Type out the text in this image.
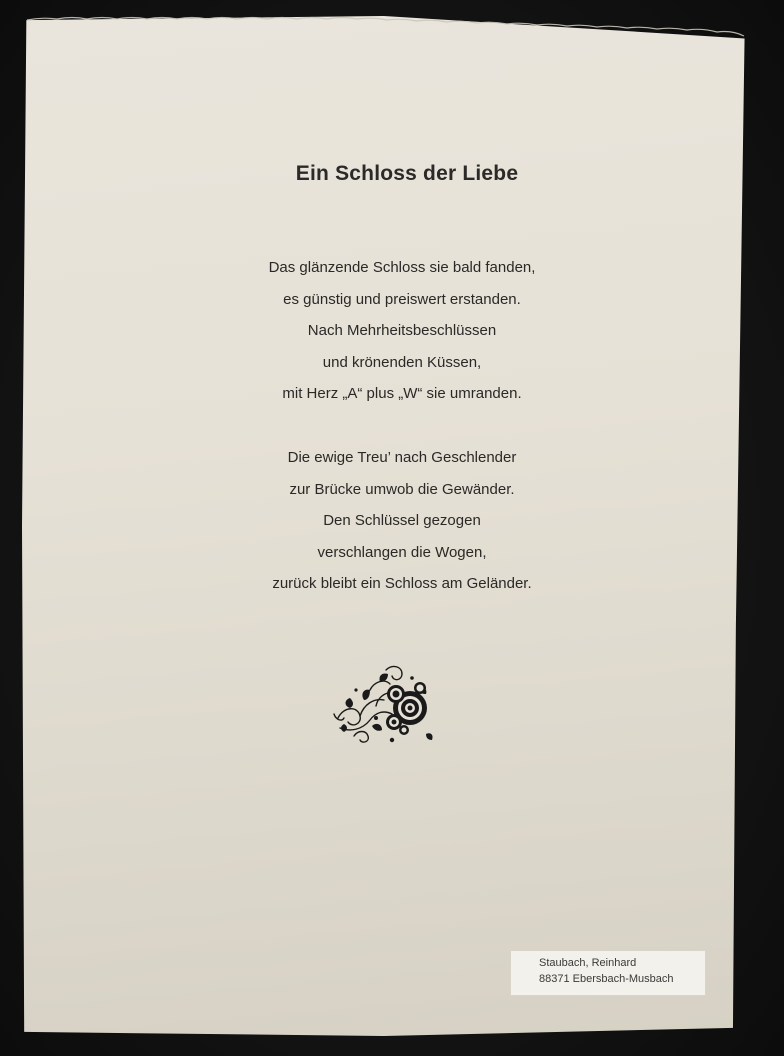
Ein Schloss der Liebe
Das glänzende Schloss sie bald fanden,
es günstig und preiswert erstanden.
Nach Mehrheitsbeschlüssen
und krönenden Küssen,
mit Herz „A“ plus „W“ sie umranden.
Die ewige Treu’ nach Geschlender
zur Brücke umwob die Gewänder.
Den Schlüssel gezogen
verschlangen die Wogen,
zurück bleibt ein Schloss am Geländer.
Staubach, Reinhard
88371 Ebersbach-Musbach
